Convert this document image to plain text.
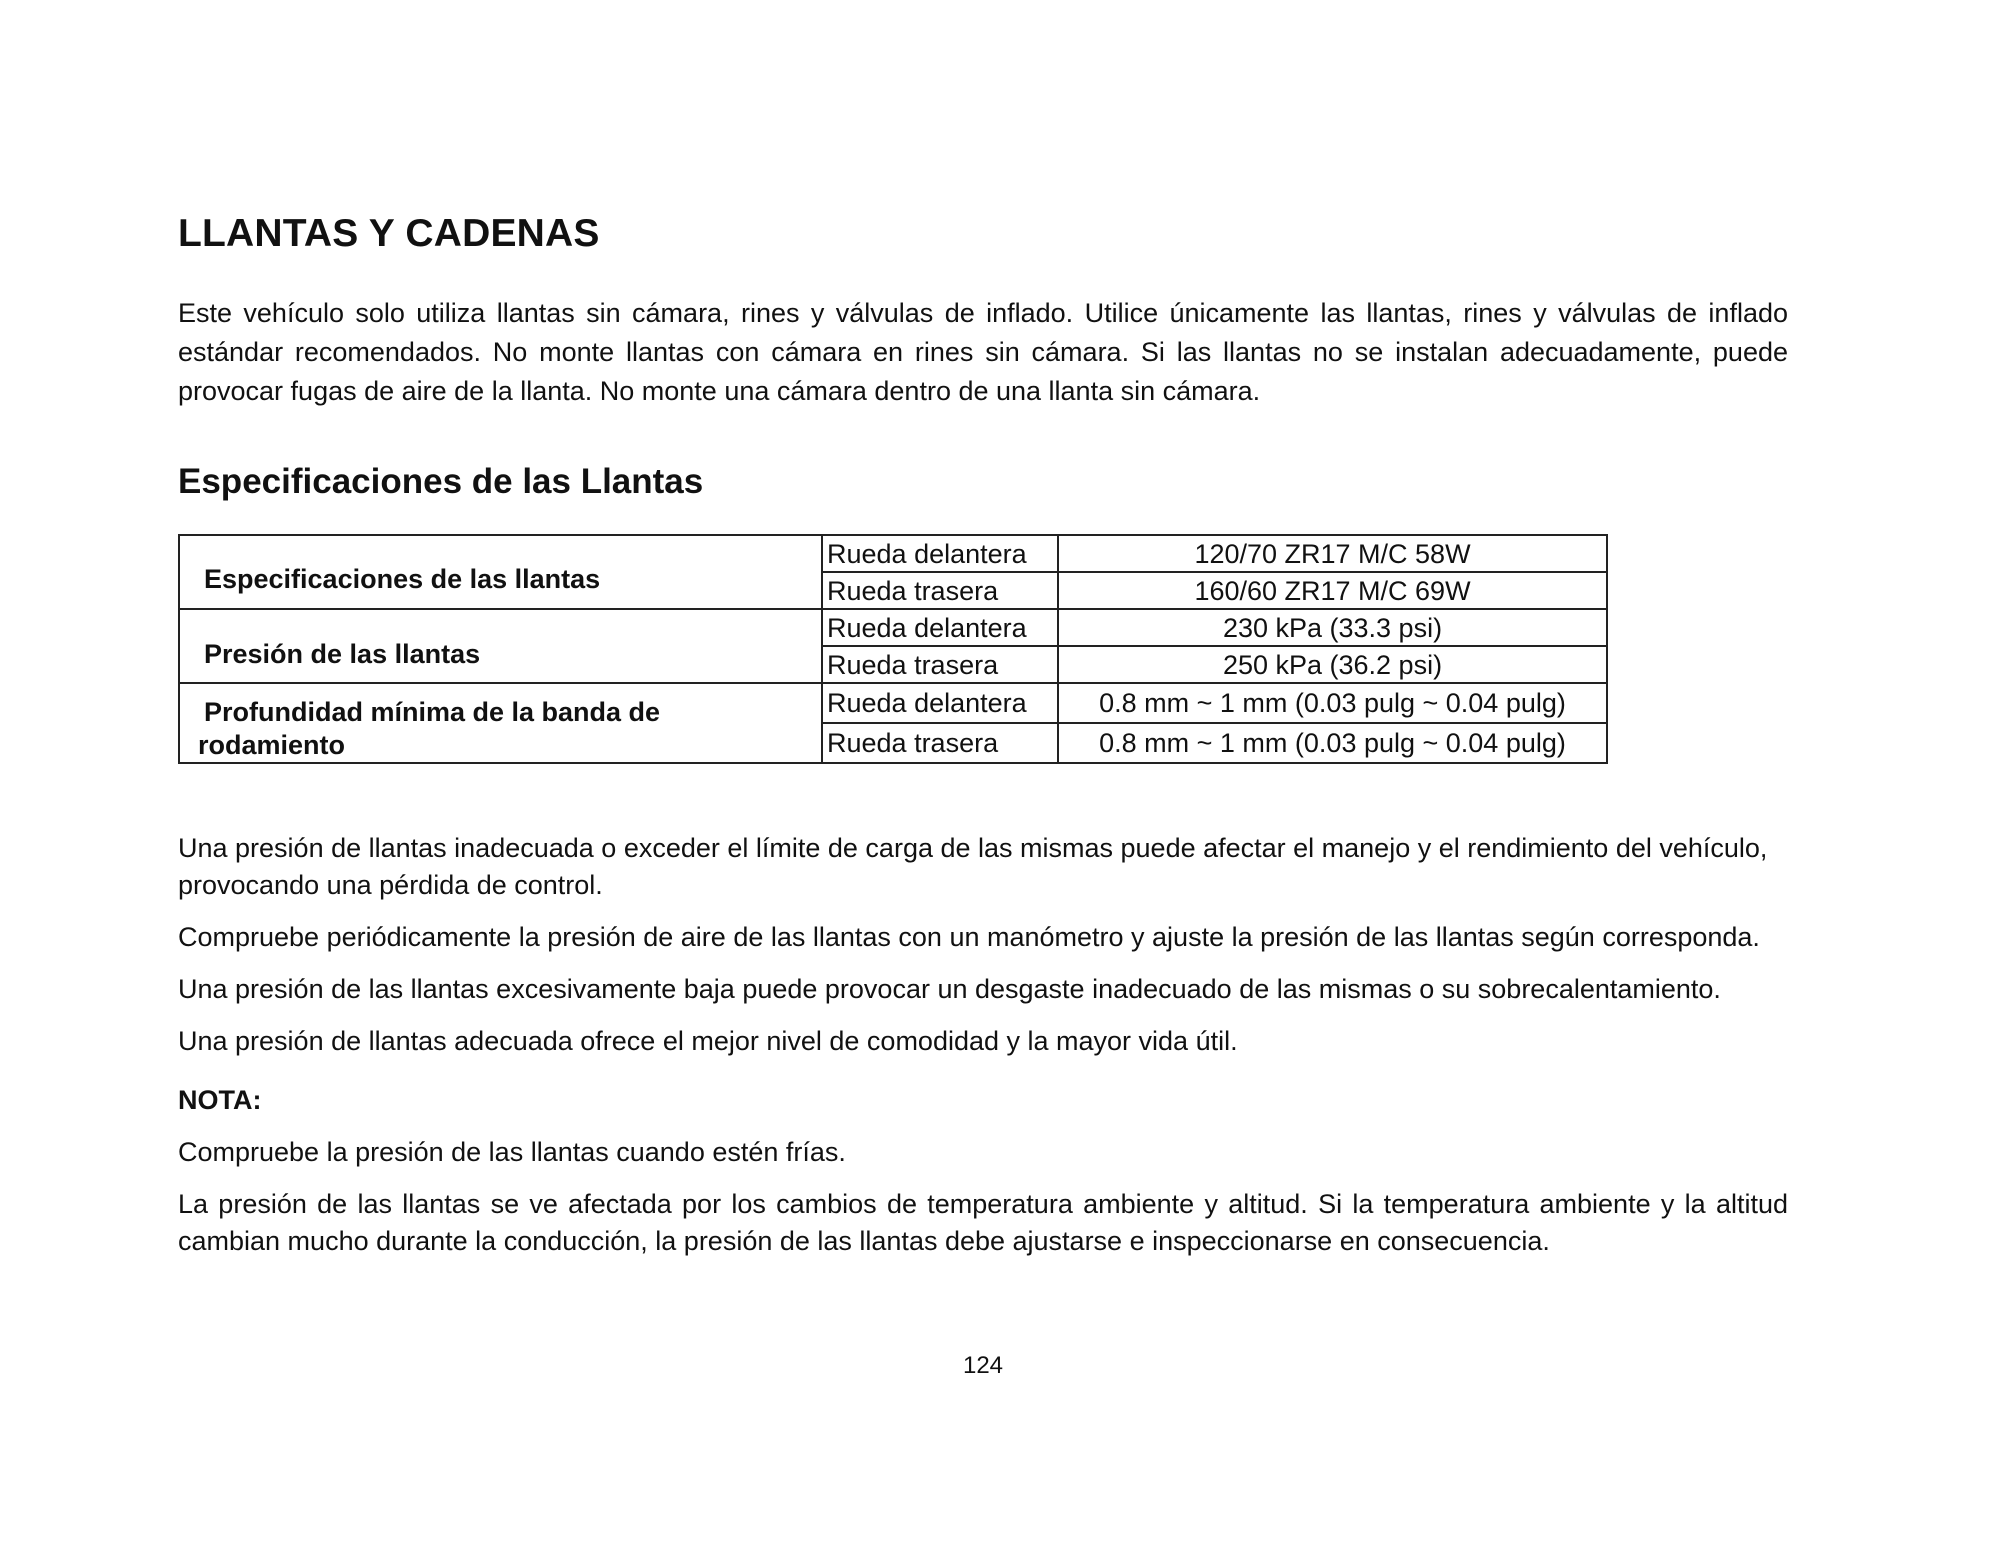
LLANTAS Y CADENAS

Este vehículo solo utiliza llantas sin cámara, rines y válvulas de inflado. Utilice únicamente las llantas, rines y válvulas de inflado estándar recomendados. No monte llantas con cámara en rines sin cámara. Si las llantas no se instalan adecuadamente, puede provocar fugas de aire de la llanta. No monte una cámara dentro de una llanta sin cámara.

Especificaciones de las Llantas
Especificaciones de las llantas	Rueda delantera	120/70 ZR17 M/C 58W
	Rueda trasera	160/60 ZR17 M/C 69W
Presión de las llantas	Rueda delantera	230 kPa (33.3 psi)
	Rueda trasera	250 kPa (36.2 psi)
Profundidad mínima de la banda de
rodamiento	Rueda delantera	0.8 mm ~ 1 mm (0.03 pulg ~ 0.04 pulg)
	Rueda trasera	0.8 mm ~ 1 mm (0.03 pulg ~ 0.04 pulg)

Una presión de llantas inadecuada o exceder el límite de carga de las mismas puede afectar el manejo y el rendimiento del vehículo, provocando una pérdida de control.

Compruebe periódicamente la presión de aire de las llantas con un manómetro y ajuste la presión de las llantas según corresponda.

Una presión de las llantas excesivamente baja puede provocar un desgaste inadecuado de las mismas o su sobrecalentamiento.

Una presión de llantas adecuada ofrece el mejor nivel de comodidad y la mayor vida útil.

NOTA:

Compruebe la presión de las llantas cuando estén frías.

La presión de las llantas se ve afectada por los cambios de temperatura ambiente y altitud. Si la temperatura ambiente y la altitud cambian mucho durante la conducción, la presión de las llantas debe ajustarse e inspeccionarse en consecuencia.

124
